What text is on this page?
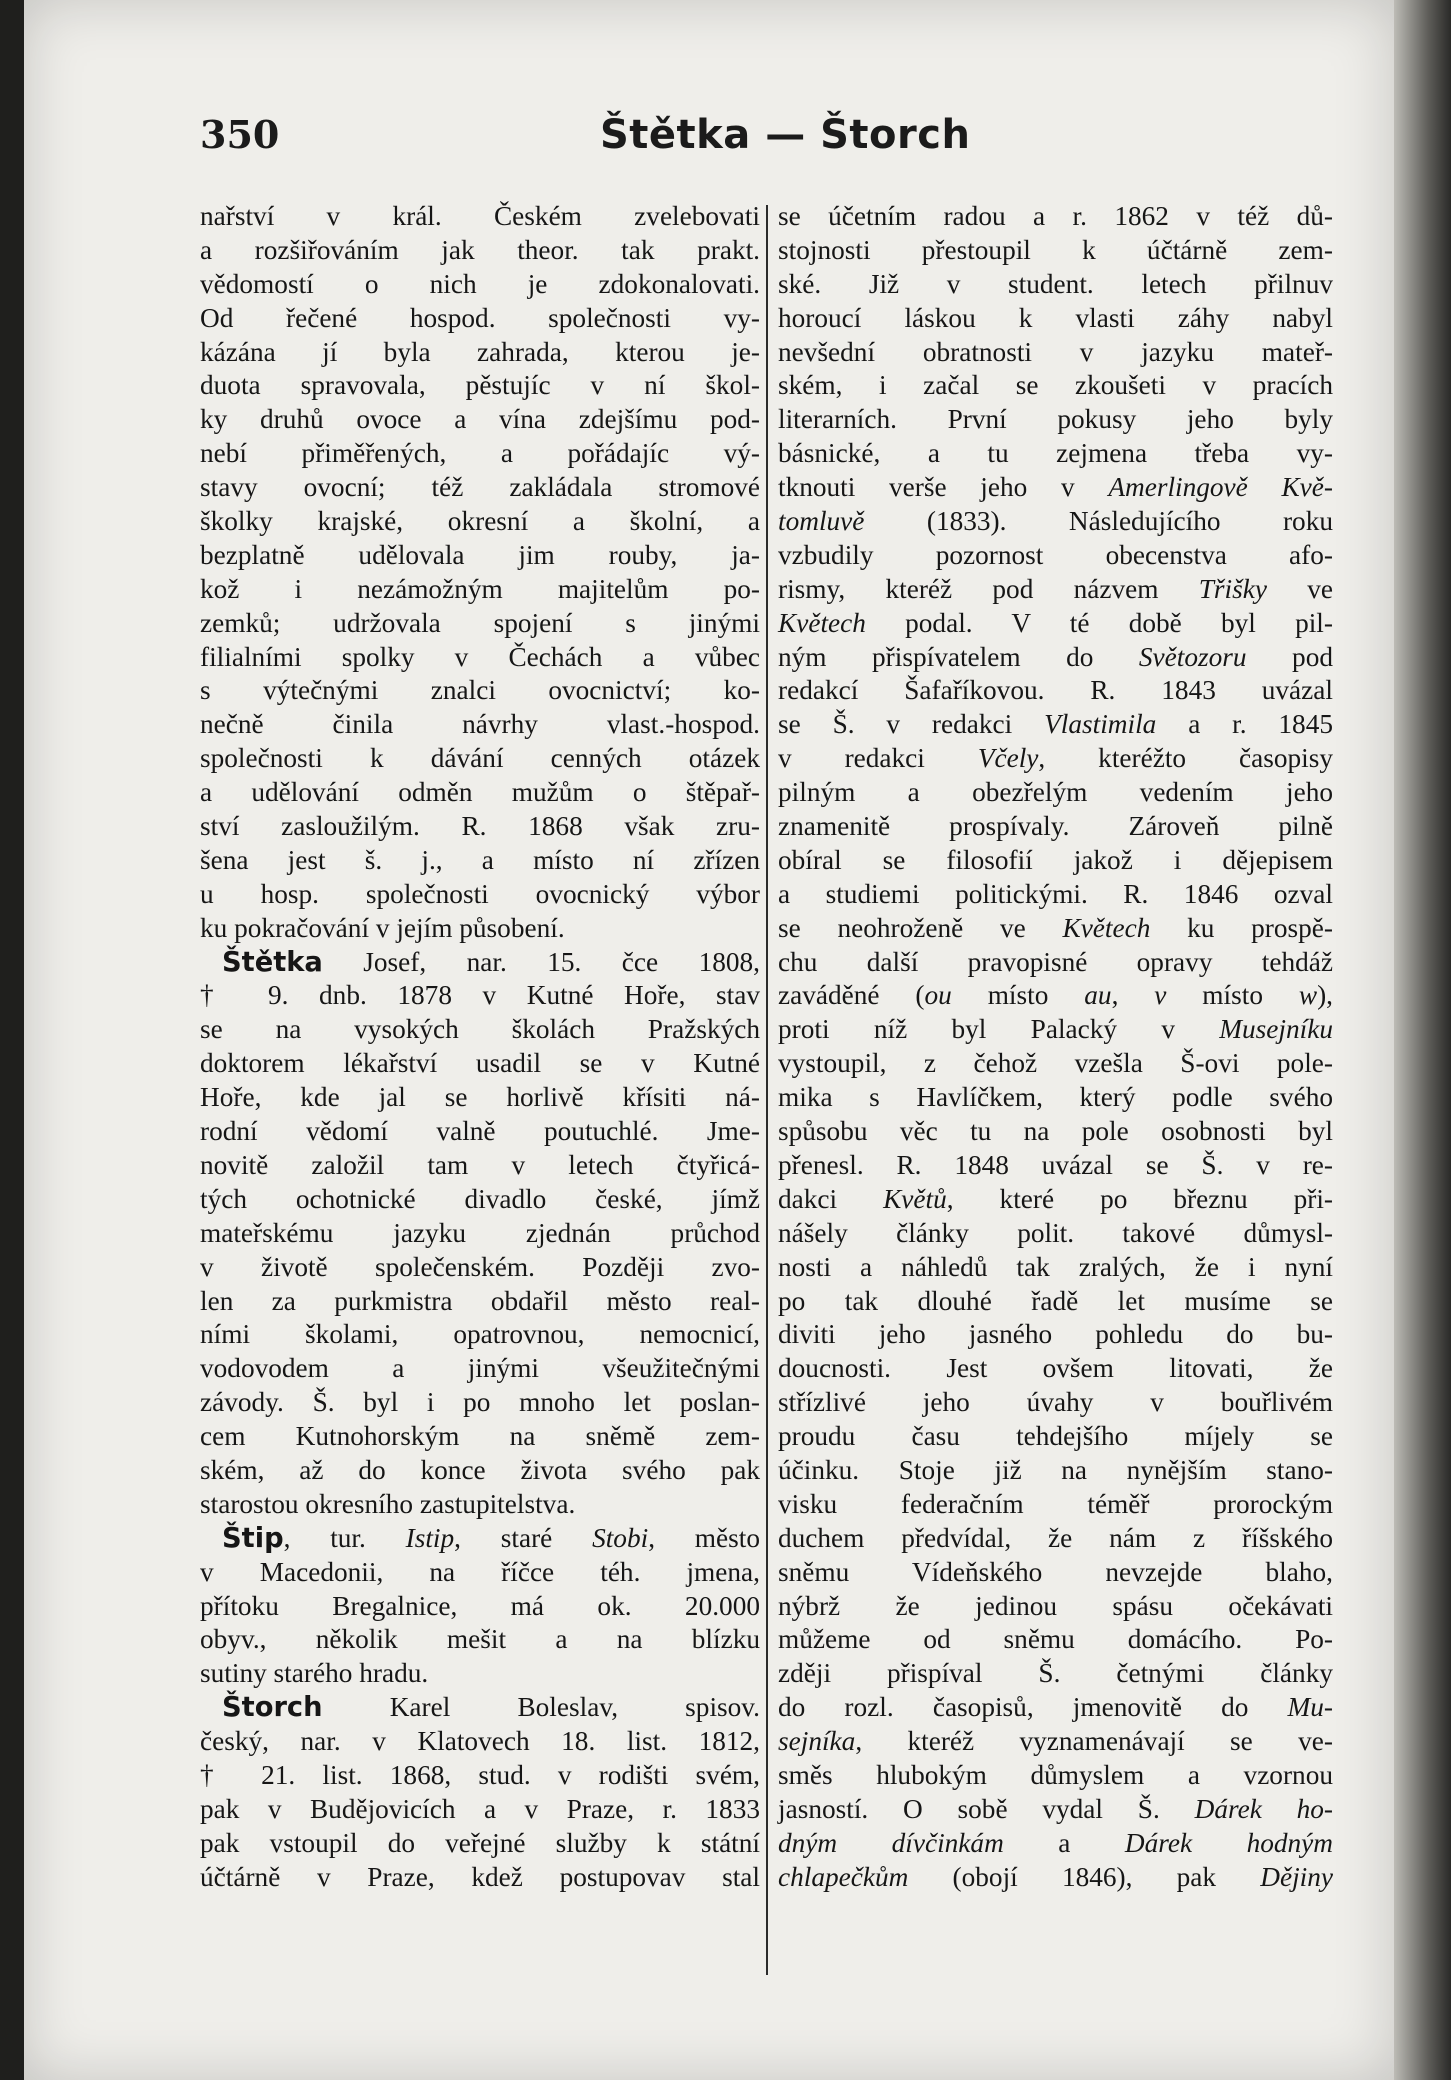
350	Štětka — Štorch
nařství v král. Českém zvelebovati
a rozšiřováním jak theor. tak prakt.
vědomostí o nich je zdokonalovati.
Od řečené hospod. společnosti vy-
kázána jí byla zahrada, kterou je-
duota spravovala, pěstujíc v ní škol-
ky druhů ovoce a vína zdejšímu pod-
nebí přiměřených, a pořádajíc vý-
stavy ovocní; též zakládala stromové
školky krajské, okresní a školní, a
bezplatně udělovala jim rouby, ja-
kož i nezámožným majitelům po-
zemků; udržovala spojení s jinými
filialními spolky v Čechách a vůbec
s výtečnými znalci ovocnictví; ko-
nečně činila návrhy vlast.-hospod.
společnosti k dávání cenných otázek
a udělování odměn mužům o štěpař-
ství zasloužilým. R. 1868 však zru-
šena jest š. j., a místo ní zřízen
u hosp. společnosti ovocnický výbor
ku pokračování v jejím působení.
Štětka Josef, nar. 15. čce 1808,
† 9. dnb. 1878 v Kutné Hoře, stav
se na vysokých školách Pražských
doktorem lékařství usadil se v Kutné
Hoře, kde jal se horlivě křísiti ná-
rodní vědomí valně poutuchlé. Jme-
novitě založil tam v letech čtyřicá-
tých ochotnické divadlo české, jímž
mateřskému jazyku zjednán průchod
v životě společenském. Později zvo-
len za purkmistra obdařil město real-
ními školami, opatrovnou, nemocnicí,
vodovodem a jinými všeužitečnými
závody. Š. byl i po mnoho let poslan-
cem Kutnohorským na sněmě zem-
ském, až do konce života svého pak
starostou okresního zastupitelstva.
Štip, tur. Istip, staré Stobi, město
v Macedonii, na říčce téh. jmena,
přítoku Bregalnice, má ok. 20.000
obyv., několik mešit a na blízku
sutiny starého hradu.
Štorch Karel Boleslav, spisov.
český, nar. v Klatovech 18. list. 1812,
† 21. list. 1868, stud. v rodišti svém,
pak v Budějovicích a v Praze, r. 1833
pak vstoupil do veřejné služby k státní
účtárně v Praze, kdež postupovav stal
se účetním radou a r. 1862 v též dů-
stojnosti přestoupil k účtárně zem-
ské. Již v student. letech přilnuv
horoucí láskou k vlasti záhy nabyl
nevšední obratnosti v jazyku mateř-
ském, i začal se zkoušeti v pracích
literarních. První pokusy jeho byly
básnické, a tu zejmena třeba vy-
tknouti verše jeho v Amerlingově Kvě-
tomluvě (1833). Následujícího roku
vzbudily pozornost obecenstva afo-
rismy, kteréž pod názvem Třišky ve
Květech podal. V té době byl pil-
ným přispívatelem do Světozoru pod
redakcí Šafaříkovou. R. 1843 uvázal
se Š. v redakci Vlastimila a r. 1845
v redakci Včely, kteréžto časopisy
pilným a obezřelým vedením jeho
znamenitě prospívaly. Zároveň pilně
obíral se filosofií jakož i dějepisem
a studiemi politickými. R. 1846 ozval
se neohroženě ve Květech ku prospě-
chu další pravopisné opravy tehdáž
zaváděné (ou místo au, v místo w),
proti níž byl Palacký v Musejníku
vystoupil, z čehož vzešla Š-ovi pole-
mika s Havlíčkem, který podle svého
spůsobu věc tu na pole osobnosti byl
přenesl. R. 1848 uvázal se Š. v re-
dakci Květů, které po březnu při-
nášely články polit. takové důmysl-
nosti a náhledů tak zralých, že i nyní
po tak dlouhé řadě let musíme se
diviti jeho jasného pohledu do bu-
doucnosti. Jest ovšem litovati, že
střízlivé jeho úvahy v bouřlivém
proudu času tehdejšího míjely se
účinku. Stoje již na nynějším stano-
visku federačním téměř prorockým
duchem předvídal, že nám z říšského
sněmu Vídeňského nevzejde blaho,
nýbrž že jedinou spásu očekávati
můžeme od sněmu domácího. Po-
zději přispíval Š. četnými články
do rozl. časopisů, jmenovitě do Mu-
sejníka, kteréž vyznamenávají se ve-
směs hlubokým důmyslem a vzornou
jasností. O sobě vydal Š. Dárek ho-
dným dívčinkám a Dárek hodným
chlapečkům (obojí 1846), pak Dějiny
